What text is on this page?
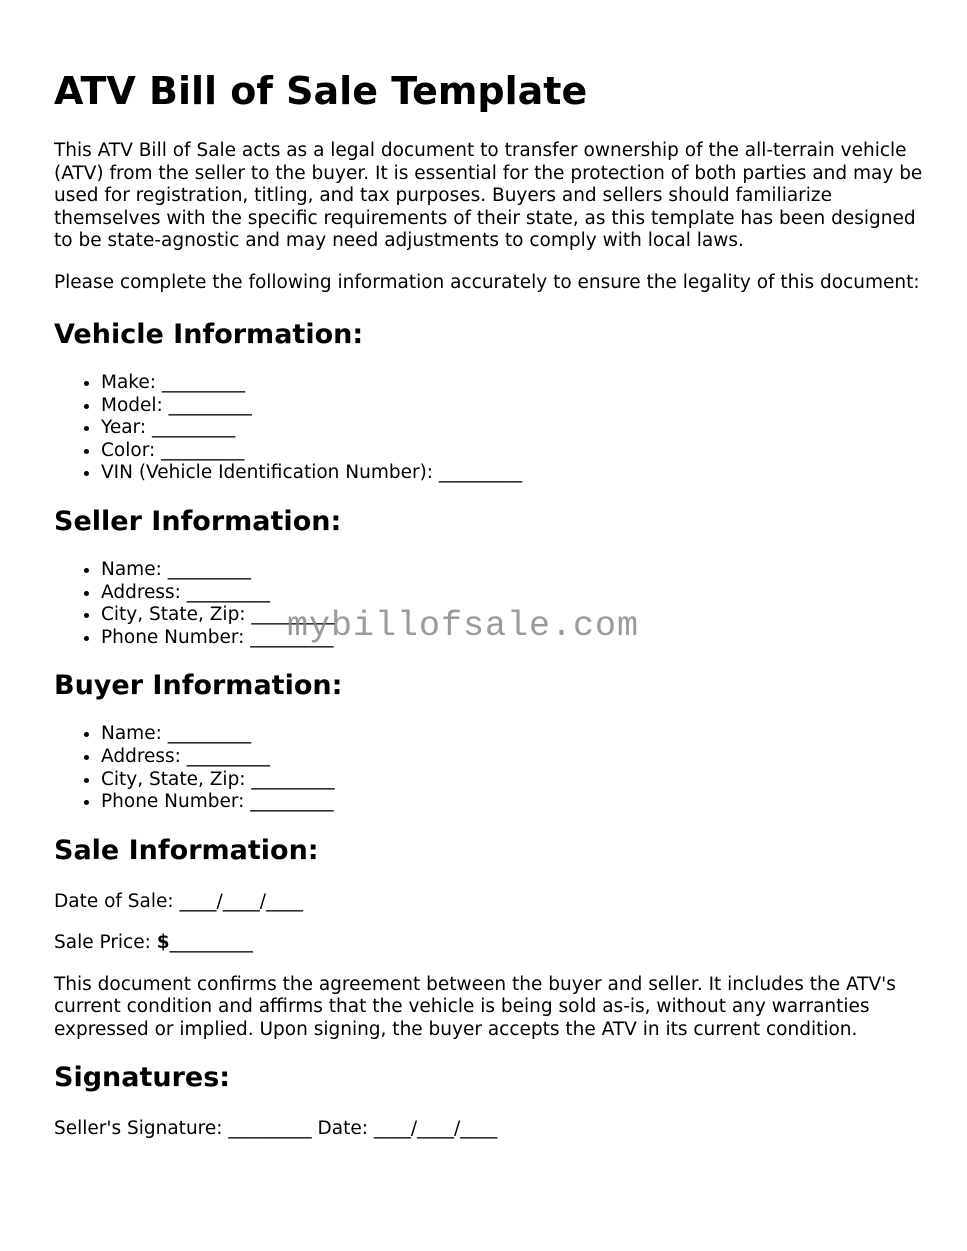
ATV Bill of Sale Template

This ATV Bill of Sale acts as a legal document to transfer ownership of the all-terrain vehicle (ATV) from the seller to the buyer. It is essential for the protection of both parties and may be used for registration, titling, and tax purposes. Buyers and sellers should familiarize themselves with the specific requirements of their state, as this template has been designed to be state-agnostic and may need adjustments to comply with local laws.

Please complete the following information accurately to ensure the legality of this document:

Vehicle Information:
• Make: _________
• Model: _________
• Year: _________
• Color: _________
• VIN (Vehicle Identification Number): _________
Seller Information:
• Name: _________
• Address: _________
• City, State, Zip: _________
• Phone Number: _________
Buyer Information:
• Name: _________
• Address: _________
• City, State, Zip: _________
• Phone Number: _________
Sale Information:

Date of Sale: ____/____/____

Sale Price: $_________

This document confirms the agreement between the buyer and seller. It includes the ATV's current condition and affirms that the vehicle is being sold as-is, without any warranties expressed or implied. Upon signing, the buyer accepts the ATV in its current condition.

Signatures:

Seller's Signature: _________ Date: ____/____/____

mybillofsale.com
